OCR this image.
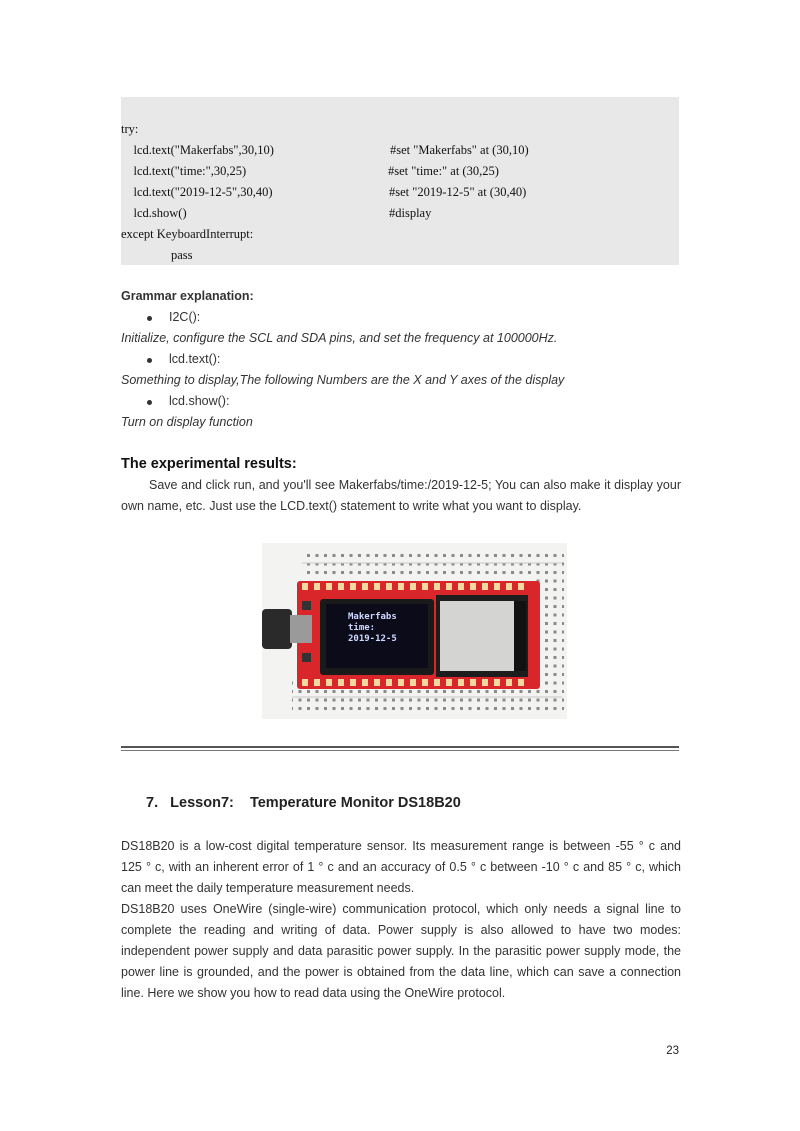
try:
lcd.text("Makerfabs",30,10)	#set "Makerfabs" at (30,10)
lcd.text("time:",30,25)	#set "time:" at (30,25)
lcd.text("2019-12-5",30,40)	#set "2019-12-5" at (30,40)
lcd.show()	#display
except KeyboardInterrupt:
pass
Grammar explanation:
I2C():
Initialize, configure the SCL and SDA pins, and set the frequency at 100000Hz.
lcd.text():
Something to display,The following Numbers are the X and Y axes of the display
lcd.show():
Turn on display function
The experimental results:
Save and click run, and you'll see Makerfabs/time:/2019-12-5; You can also make it display your own name, etc. Just use the LCD.text() statement to write what you want to display.
Makerfabs
time:
2019-12-5
7.   Lesson7:    Temperature Monitor DS18B20
DS18B20 is a low-cost digital temperature sensor. Its measurement range is between -55 ° c and 125 ° c, with an inherent error of 1 ° c and an accuracy of 0.5 ° c between -10 ° c and 85 ° c, which can meet the daily temperature measurement needs.
DS18B20 uses OneWire (single-wire) communication protocol, which only needs a signal line to complete the reading and writing of data. Power supply is also allowed to have two modes: independent power supply and data parasitic power supply. In the parasitic power supply mode, the power line is grounded, and the power is obtained from the data line, which can save a connection line. Here we show you how to read data using the OneWire protocol.
23
